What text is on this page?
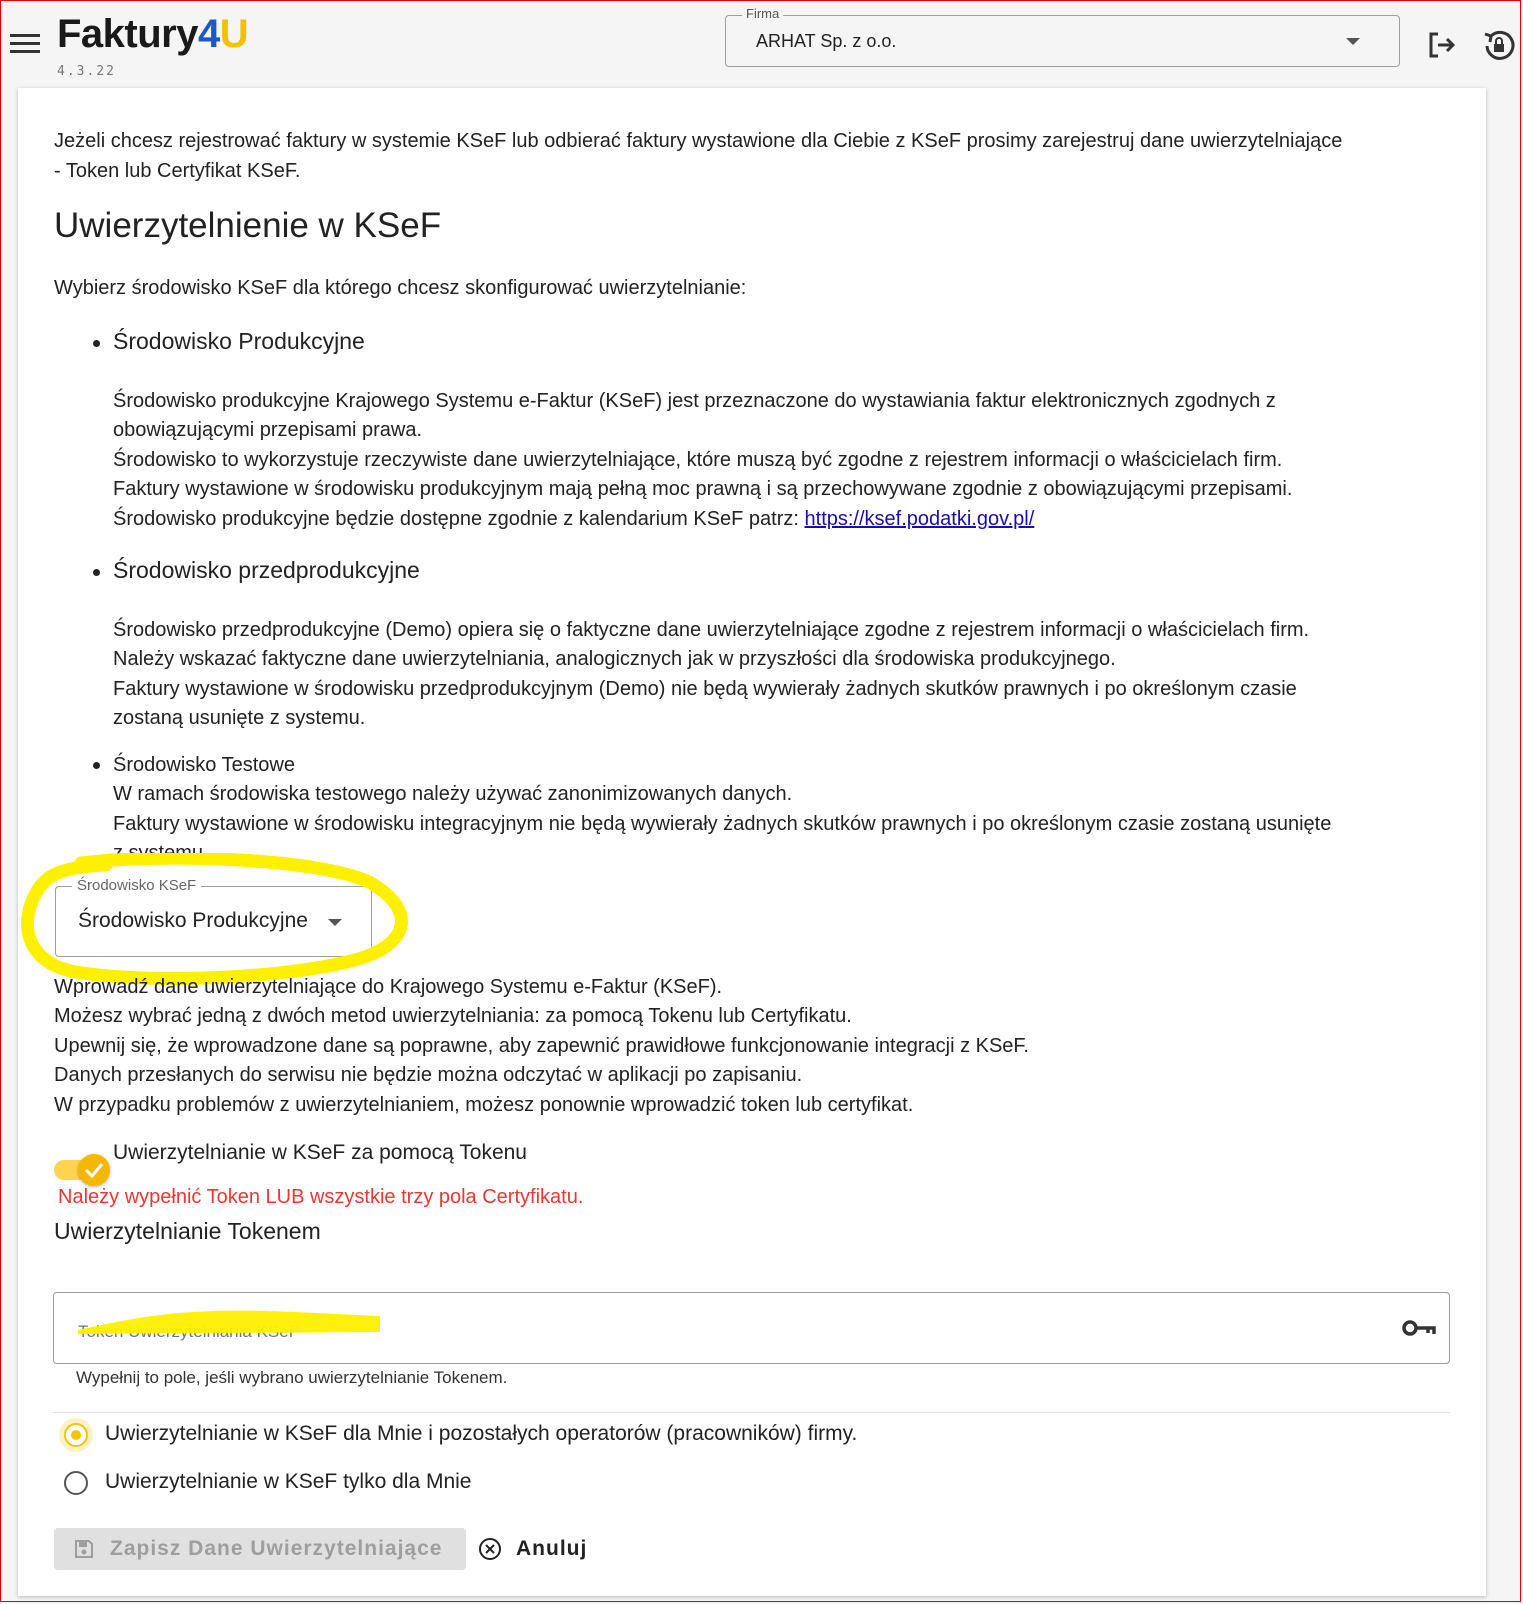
Faktury4U
4.3.22
Firma
ARHAT Sp. z o.o.
Jeżeli chcesz rejestrować faktury w systemie KSeF lub odbierać faktury wystawione dla Ciebie z KSeF prosimy zarejestruj dane uwierzytelniające - Token lub Certyfikat KSeF.
Uwierzytelnienie w KSeF
Wybierz środowisko KSeF dla którego chcesz skonfigurować uwierzytelnianie:
Środowisko Produkcyjne
Środowisko produkcyjne Krajowego Systemu e-Faktur (KSeF) jest przeznaczone do wystawiania faktur elektronicznych zgodnych z
obowiązującymi przepisami prawa.
Środowisko to wykorzystuje rzeczywiste dane uwierzytelniające, które muszą być zgodne z rejestrem informacji o właścicielach firm.
Faktury wystawione w środowisku produkcyjnym mają pełną moc prawną i są przechowywane zgodnie z obowiązującymi przepisami.
Środowisko produkcyjne będzie dostępne zgodnie z kalendarium KSeF patrz: https://ksef.podatki.gov.pl/
Środowisko przedprodukcyjne
Środowisko przedprodukcyjne (Demo) opiera się o faktyczne dane uwierzytelniające zgodne z rejestrem informacji o właścicielach firm.
Należy wskazać faktyczne dane uwierzytelniania, analogicznych jak w przyszłości dla środowiska produkcyjnego.
Faktury wystawione w środowisku przedprodukcyjnym (Demo) nie będą wywierały żadnych skutków prawnych i po określonym czasie
zostaną usunięte z systemu.
Środowisko Testowe
W ramach środowiska testowego należy używać zanonimizowanych danych.
Faktury wystawione w środowisku integracyjnym nie będą wywierały żadnych skutków prawnych i po określonym czasie zostaną usunięte
z systemu.
Środowisko KSeF
Środowisko Produkcyjne
Wprowadź dane uwierzytelniające do Krajowego Systemu e-Faktur (KSeF).
Możesz wybrać jedną z dwóch metod uwierzytelniania: za pomocą Tokenu lub Certyfikatu.
Upewnij się, że wprowadzone dane są poprawne, aby zapewnić prawidłowe funkcjonowanie integracji z KSeF.
Danych przesłanych do serwisu nie będzie można odczytać w aplikacji po zapisaniu.
W przypadku problemów z uwierzytelnianiem, możesz ponownie wprowadzić token lub certyfikat.
Uwierzytelnianie w KSeF za pomocą Tokenu
Należy wypełnić Token LUB wszystkie trzy pola Certyfikatu.
Uwierzytelnianie Tokenem
Token Uwierzytelniania KSeF
Wypełnij to pole, jeśli wybrano uwierzytelnianie Tokenem.
Uwierzytelnianie w KSeF dla Mnie i pozostałych operatorów (pracowników) firmy.
Uwierzytelnianie w KSeF tylko dla Mnie
Zapisz Dane Uwierzytelniające	Anuluj
